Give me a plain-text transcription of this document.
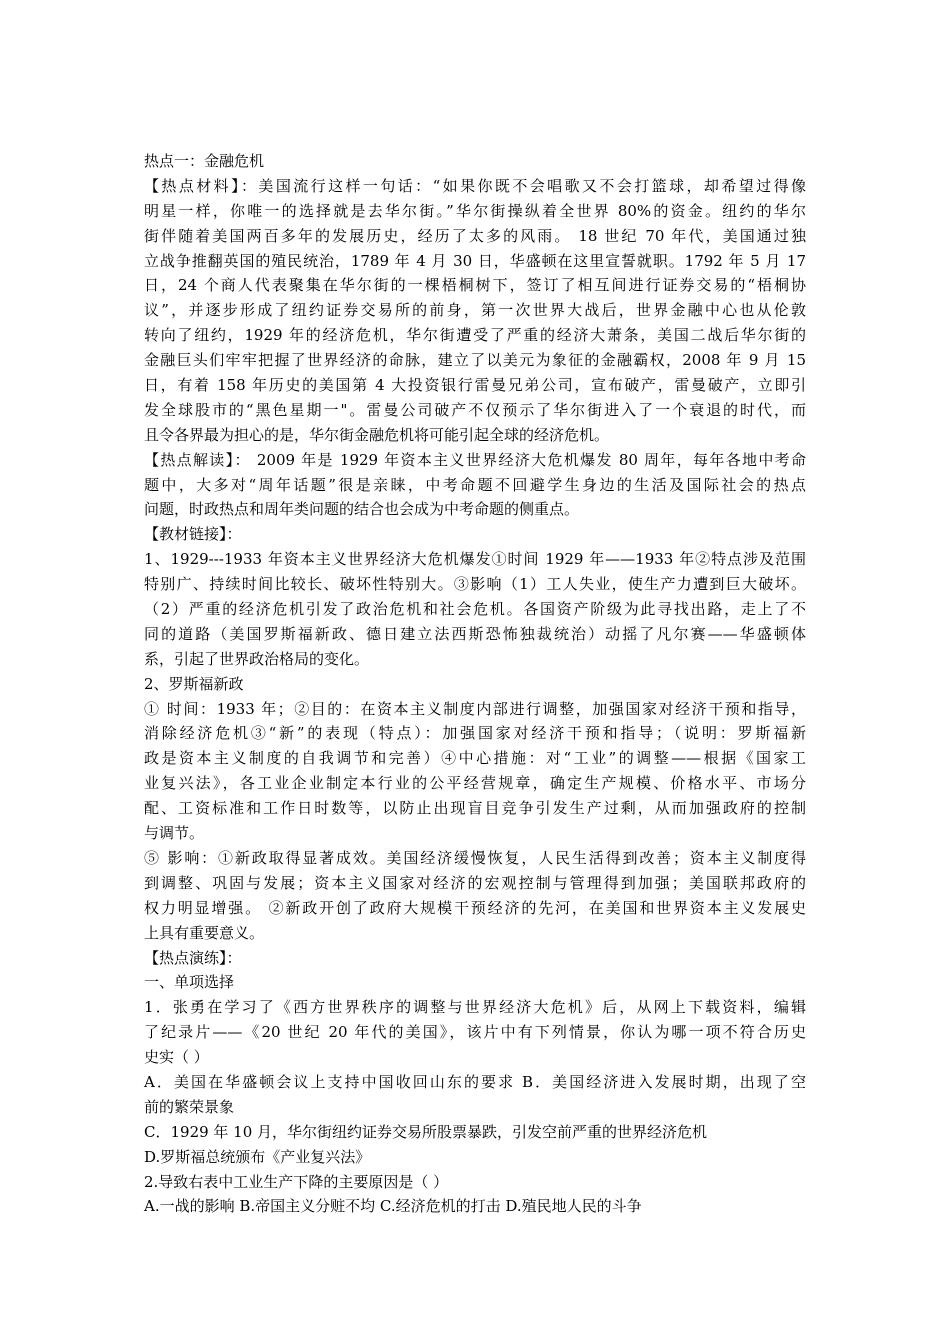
热点一：金融危机
【热点材料】：美国流行这样一句话：“如果你既不会唱歌又不会打篮球，却希望过得像
明星一样，你唯一的选择就是去华尔街。”华尔街操纵着全世界 80%的资金。纽约的华尔
街伴随着美国两百多年的发展历史，经历了太多的风雨。 18 世纪 70 年代，美国通过独
立战争推翻英国的殖民统治，1789 年 4 月 30 日，华盛顿在这里宣誓就职。1792 年 5 月 17
日，24 个商人代表聚集在华尔街的一棵梧桐树下，签订了相互间进行证券交易的“梧桐协
议”，并逐步形成了纽约证券交易所的前身，第一次世界大战后，世界金融中心也从伦敦
转向了纽约，1929 年的经济危机，华尔街遭受了严重的经济大萧条，美国二战后华尔街的
金融巨头们牢牢把握了世界经济的命脉，建立了以美元为象征的金融霸权，2008 年 9 月 15
日，有着 158 年历史的美国第 4 大投资银行雷曼兄弟公司，宣布破产，雷曼破产，立即引
发全球股市的“黑色星期一"。雷曼公司破产不仅预示了华尔街进入了一个衰退的时代，而
且令各界最为担心的是，华尔街金融危机将可能引起全球的经济危机。
【热点解读】： 2009 年是 1929 年资本主义世界经济大危机爆发 80 周年，每年各地中考命
题中，大多对“周年话题”很是亲睐，中考命题不回避学生身边的生活及国际社会的热点
问题，时政热点和周年类问题的结合也会成为中考命题的侧重点。
【教材链接】：
1、1929---1933 年资本主义世界经济大危机爆发①时间 1929 年——1933 年②特点涉及范围
特别广、持续时间比较长、破坏性特别大。③影响（1）工人失业，使生产力遭到巨大破坏。
（2）严重的经济危机引发了政治危机和社会危机。各国资产阶级为此寻找出路，走上了不
同的道路（美国罗斯福新政、德日建立法西斯恐怖独裁统治）动摇了凡尔赛——华盛顿体
系，引起了世界政治格局的变化。
2、罗斯福新政
① 时间：1933 年；②目的：在资本主义制度内部进行调整，加强国家对经济干预和指导，
消除经济危机③“新”的表现（特点）：加强国家对经济干预和指导；（说明：罗斯福新
政是资本主义制度的自我调节和完善）④中心措施：对“工业”的调整——根据《国家工
业复兴法》，各工业企业制定本行业的公平经营规章，确定生产规模、价格水平、市场分
配、工资标准和工作日时数等，以防止出现盲目竞争引发生产过剩，从而加强政府的控制
与调节。
⑤ 影响：①新政取得显著成效。美国经济缓慢恢复，人民生活得到改善；资本主义制度得
到调整、巩固与发展；资本主义国家对经济的宏观控制与管理得到加强；美国联邦政府的
权力明显增强。 ②新政开创了政府大规模干预经济的先河，在美国和世界资本主义发展史
上具有重要意义。
【热点演练】：
一、单项选择
1．张勇在学习了《西方世界秩序的调整与世界经济大危机》后，从网上下载资料，编辑
了纪录片——《20 世纪 20 年代的美国》，该片中有下列情景，你认为哪一项不符合历史
史实（ ）
A．美国在华盛顿会议上支持中国收回山东的要求 B．美国经济进入发展时期，出现了空
前的繁荣景象
C．1929 年 10 月，华尔街纽约证券交易所股票暴跌，引发空前严重的世界经济危机
D.罗斯福总统颁布《产业复兴法》
2.导致右表中工业生产下降的主要原因是（ ）
A.一战的影响 B.帝国主义分赃不均 C.经济危机的打击 D.殖民地人民的斗争
